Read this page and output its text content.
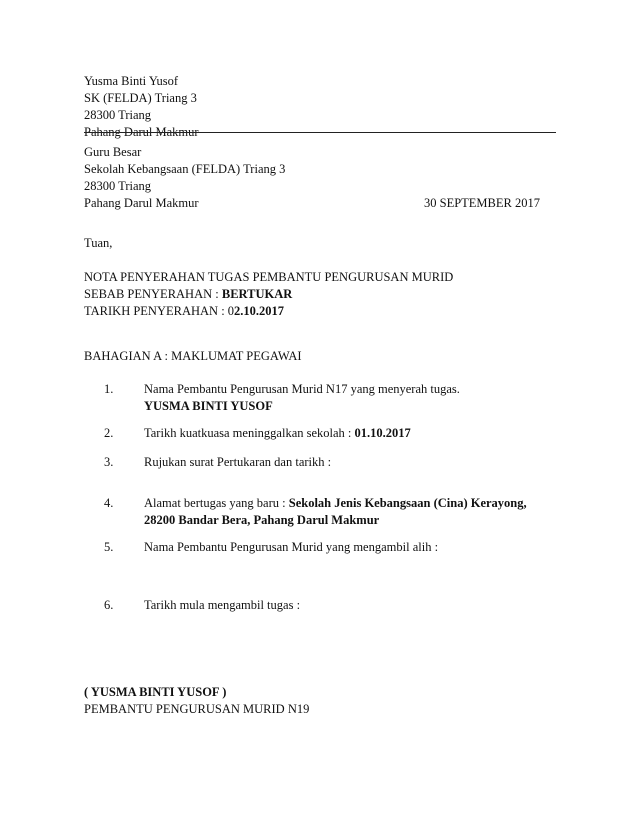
Yusma Binti Yusof
SK (FELDA) Triang 3
28300 Triang
Pahang Darul Makmur
Guru Besar
Sekolah Kebangsaan (FELDA) Triang 3
28300 Triang
Pahang Darul Makmur	30 SEPTEMBER 2017
Tuan,
NOTA PENYERAHAN TUGAS PEMBANTU PENGURUSAN MURID
SEBAB PENYERAHAN : BERTUKAR
TARIKH PENYERAHAN : 02.10.2017
BAHAGIAN A : MAKLUMAT PEGAWAI
1. Nama Pembantu Pengurusan Murid N17 yang menyerah tugas.
YUSMA BINTI YUSOF
2. Tarikh kuatkuasa meninggalkan sekolah : 01.10.2017
3. Rujukan surat Pertukaran dan tarikh :
4. Alamat bertugas yang baru : Sekolah Jenis Kebangsaan (Cina) Kerayong,
28200 Bandar Bera, Pahang Darul Makmur
5. Nama Pembantu Pengurusan Murid yang mengambil alih :
6. Tarikh mula mengambil tugas :
( YUSMA BINTI YUSOF )
PEMBANTU PENGURUSAN MURID N19
